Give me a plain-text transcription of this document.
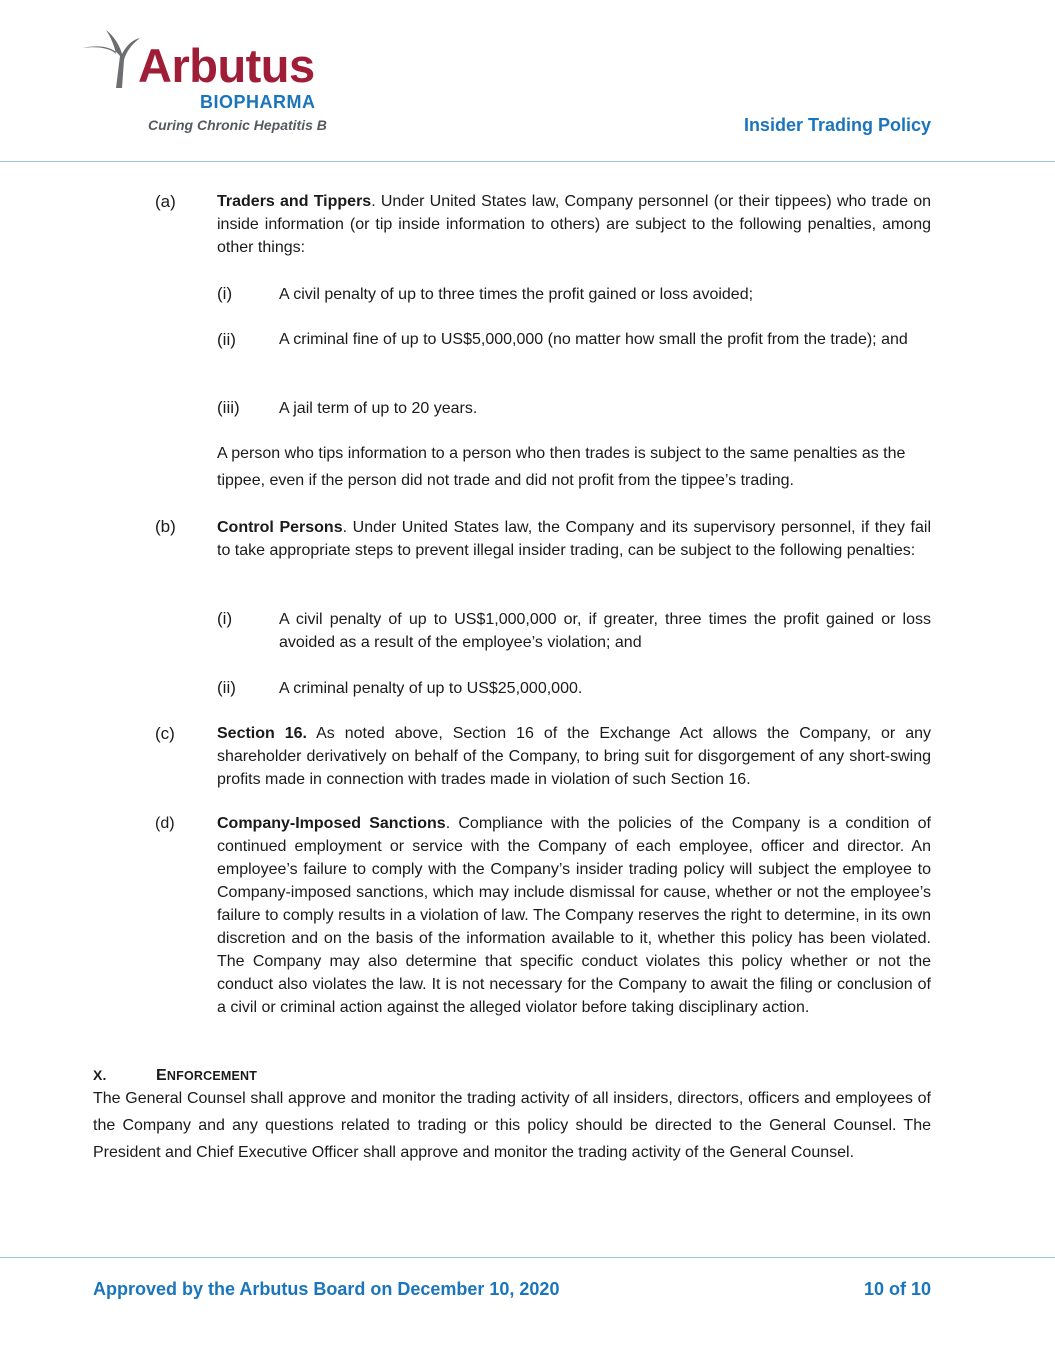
Arbutus
BIOPHARMA
Curing Chronic Hepatitis B	Insider Trading Policy
(a)	Traders and Tippers. Under United States law, Company personnel (or their tippees) who trade on inside information (or tip inside information to others) are subject to the following penalties, among other things:
(i)	A civil penalty of up to three times the profit gained or loss avoided;
(ii)	A criminal fine of up to US$5,000,000 (no matter how small the profit from the trade); and
(iii) A jail term of up to 20 years.
A person who tips information to a person who then trades is subject to the same penalties as the tippee, even if the person did not trade and did not profit from the tippee’s trading.
(b)	Control Persons. Under United States law, the Company and its supervisory personnel, if they fail to take appropriate steps to prevent illegal insider trading, can be subject to the following penalties:
(i)	A civil penalty of up to US$1,000,000 or, if greater, three times the profit gained or loss avoided as a result of the employee’s violation; and
(ii)	A criminal penalty of up to US$25,000,000.
(c)	Section 16. As noted above, Section 16 of the Exchange Act allows the Company, or any shareholder derivatively on behalf of the Company, to bring suit for disgorgement of any short-swing profits made in connection with trades made in violation of such Section 16.
(d)	Company-Imposed Sanctions. Compliance with the policies of the Company is a condition of continued employment or service with the Company of each employee, officer and director. An employee’s failure to comply with the Company’s insider trading policy will subject the employee to Company-imposed sanctions, which may include dismissal for cause, whether or not the employee’s failure to comply results in a violation of law. The Company reserves the right to determine, in its own discretion and on the basis of the information available to it, whether this policy has been violated. The Company may also determine that specific conduct violates this policy whether or not the conduct also violates the law. It is not necessary for the Company to await the filing or conclusion of a civil or criminal action against the alleged violator before taking disciplinary action.
X.	ENFORCEMENT
The General Counsel shall approve and monitor the trading activity of all insiders, directors, officers and employees of the Company and any questions related to trading or this policy should be directed to the General Counsel. The President and Chief Executive Officer shall approve and monitor the trading activity of the General Counsel.
Approved by the Arbutus Board on December 10, 2020	10 of 10
